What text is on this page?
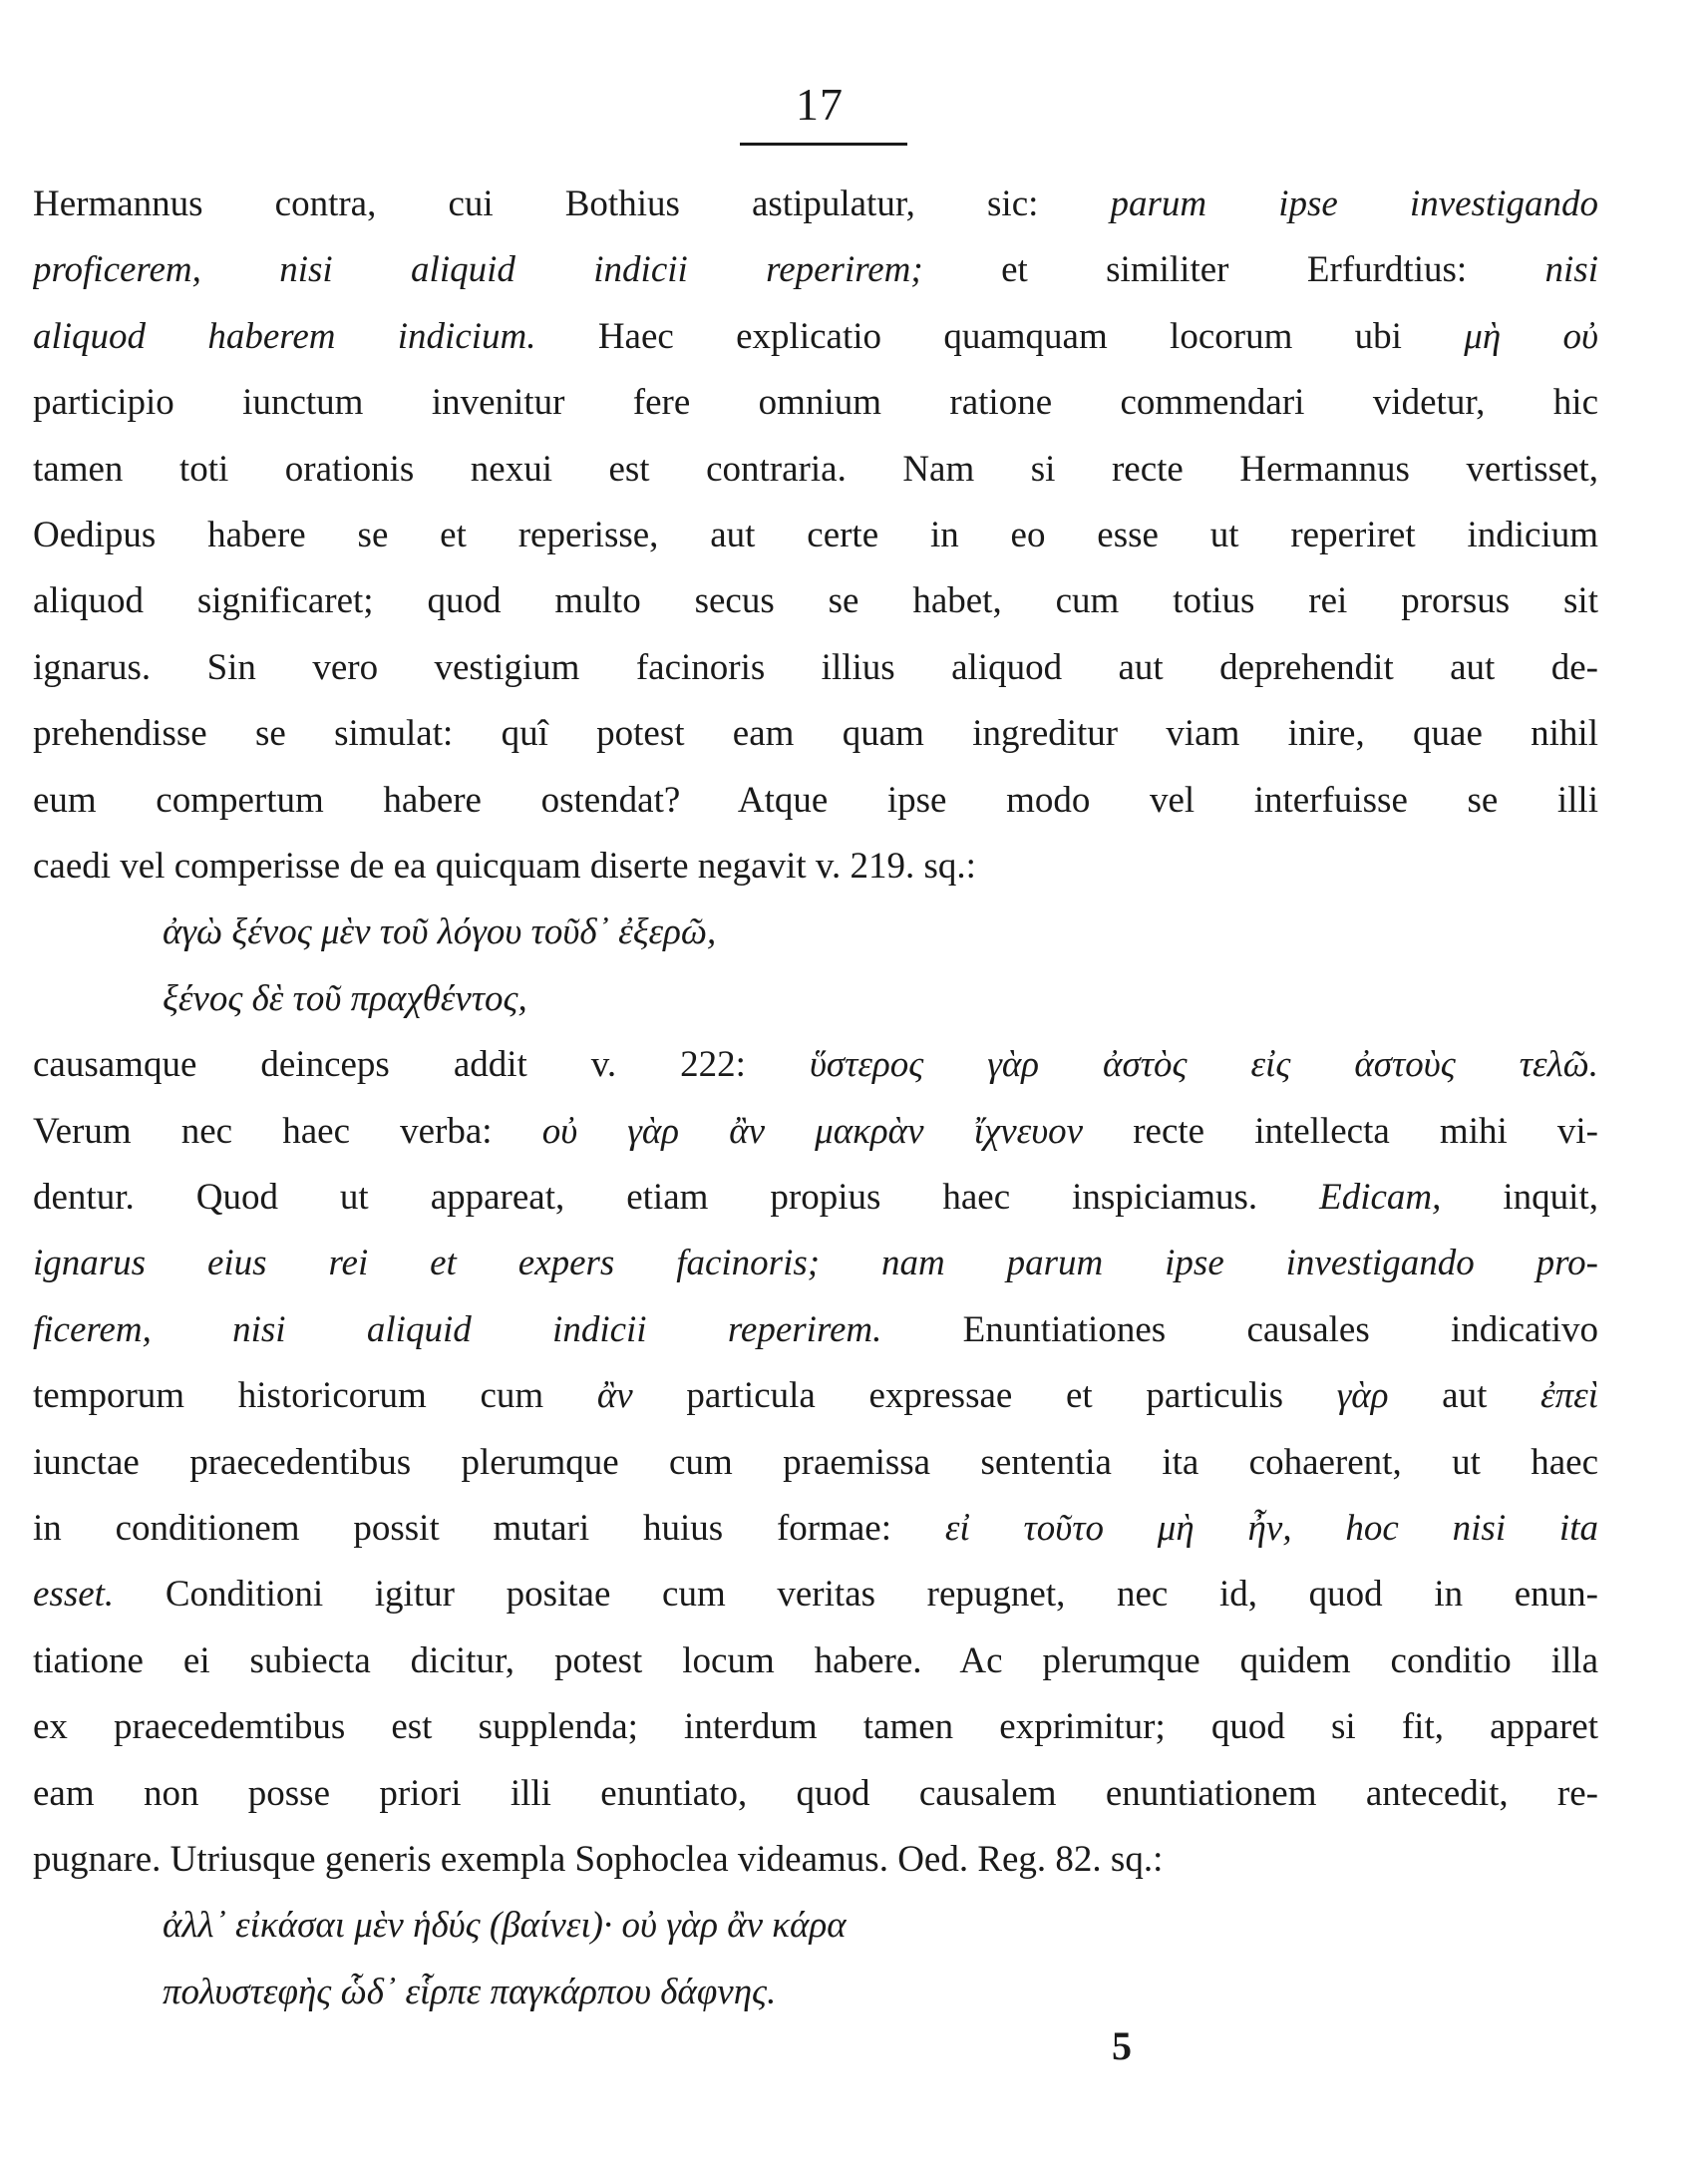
17
Hermannus contra, cui Bothius astipulatur, sic: parum ipse investigando
proficerem, nisi aliquid indicii reperirem; et similiter Erfurdtius: nisi
aliquod haberem indicium. Haec explicatio quamquam locorum ubi μὴ οὐ
participio iunctum invenitur fere omnium ratione commendari videtur, hic
tamen toti orationis nexui est contraria. Nam si recte Hermannus vertisset,
Oedipus habere se et reperisse, aut certe in eo esse ut reperiret indicium
aliquod significaret; quod multo secus se habet, cum totius rei prorsus sit
ignarus. Sin vero vestigium facinoris illius aliquod aut deprehendit aut de-
prehendisse se simulat: quî potest eam quam ingreditur viam inire, quae nihil
eum compertum habere ostendat? Atque ipse modo vel interfuisse se illi
caedi vel comperisse de ea quicquam diserte negavit v. 219. sq.:
ἀγὼ ξένος μὲν τοῦ λόγου τοῦδ᾽ ἐξερῶ,
ξένος δὲ τοῦ πραχθέντος,
causamque deinceps addit v. 222: ὕστερος γὰρ ἀστὸς εἰς ἀστοὺς τελῶ.
Verum nec haec verba: οὐ γὰρ ἂν μακρὰν ἴχνευον recte intellecta mihi vi-
dentur. Quod ut appareat, etiam propius haec inspiciamus. Edicam, inquit,
ignarus eius rei et expers facinoris; nam parum ipse investigando pro-
ficerem, nisi aliquid indicii reperirem. Enuntiationes causales indicativo
temporum historicorum cum ἂν particula expressae et particulis γὰρ aut ἐπεὶ
iunctae praecedentibus plerumque cum praemissa sententia ita cohaerent, ut haec
in conditionem possit mutari huius formae: εἰ τοῦτο μὴ ἦν, hoc nisi ita
esset. Conditioni igitur positae cum veritas repugnet, nec id, quod in enun-
tiatione ei subiecta dicitur, potest locum habere. Ac plerumque quidem conditio illa
ex praecedemtibus est supplenda; interdum tamen exprimitur; quod si fit, apparet
eam non posse priori illi enuntiato, quod causalem enuntiationem antecedit, re-
pugnare. Utriusque generis exempla Sophoclea videamus. Oed. Reg. 82. sq.:
ἀλλ᾽ εἰκάσαι μὲν ἡδύς (βαίνει)· οὐ γὰρ ἂν κάρα
πολυστεφὴς ὧδ᾽ εἷρπε παγκάρπου δάφνης.
5
